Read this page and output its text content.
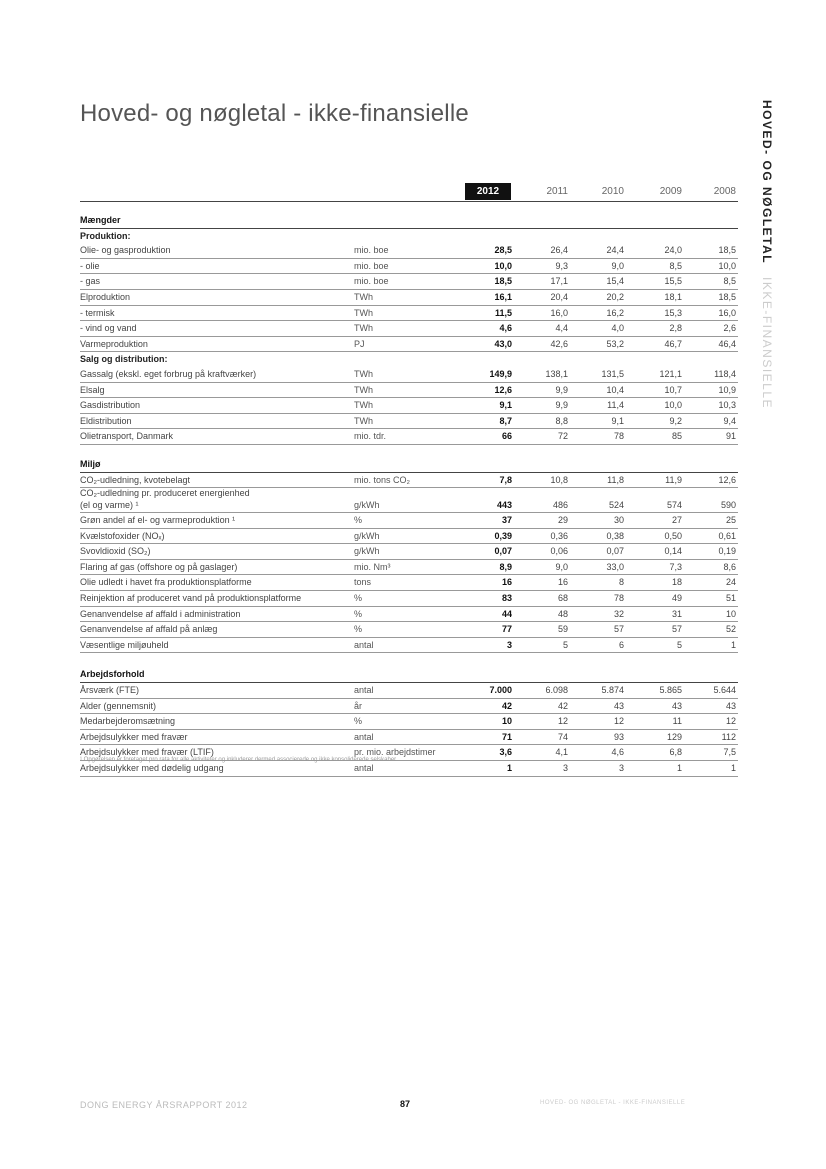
Hoved- og nøgletal - ikke-finansielle	HOVED- OG NØGLETAL IKKE-FINANSIELLE
2012	2011	2010	2009	2008
Mængder
Produktion:
Olie- og gasproduktion	mio. boe	28,5	26,4	24,4	24,0	18,5
- olie	mio. boe	10,0	9,3	9,0	8,5	10,0
- gas	mio. boe	18,5	17,1	15,4	15,5	8,5
Elproduktion	TWh	16,1	20,4	20,2	18,1	18,5
- termisk	TWh	11,5	16,0	16,2	15,3	16,0
- vind og vand	TWh	4,6	4,4	4,0	2,8	2,6
Varmeproduktion	PJ	43,0	42,6	53,2	46,7	46,4
Salg og distribution:
Gassalg (ekskl. eget forbrug på kraftværker)	TWh	149,9	138,1	131,5	121,1	118,4
Elsalg	TWh	12,6	9,9	10,4	10,7	10,9
Gasdistribution	TWh	9,1	9,9	11,4	10,0	10,3
Eldistribution	TWh	8,7	8,8	9,1	9,2	9,4
Olietransport, Danmark	mio. tdr.	66	72	78	85	91
Miljø
CO₂-udledning, kvotebelagt	mio. tons CO₂	7,8	10,8	11,8	11,9	12,6
CO₂-udledning pr. produceret energienhed
(el og varme) ¹	g/kWh	443	486	524	574	590
Grøn andel af el- og varmeproduktion ¹	%	37	29	30	27	25
Kvælstofoxider (NOₓ)	g/kWh	0,39	0,36	0,38	0,50	0,61
Svovldioxid (SO₂)	g/kWh	0,07	0,06	0,07	0,14	0,19
Flaring af gas (offshore og på gaslager)	mio. Nm³	8,9	9,0	33,0	7,3	8,6
Olie udledt i havet fra produktionsplatforme	tons	16	16	8	18	24
Reinjektion af produceret vand på produktionsplatforme	%	83	68	78	49	51
Genanvendelse af affald i administration	%	44	48	32	31	10
Genanvendelse af affald på anlæg	%	77	59	57	57	52
Væsentlige miljøuheld	antal	3	5	6	5	1
Arbejdsforhold
Årsværk (FTE)	antal	7.000	6.098	5.874	5.865	5.644
Alder (gennemsnit)	år	42	42	43	43	43
Medarbejderomsætning	%	10	12	12	11	12
Arbejdsulykker med fravær	antal	71	74	93	129	112
Arbejdsulykker med fravær (LTIF)	pr. mio. arbejdstimer	3,6	4,1	4,6	6,8	7,5
Arbejdsulykker med dødelig udgang	antal	1	3	3	1	1
¹ Opgørelsen er foretaget pro rata for alle aktiviteter og inkluderer dermed associerede og ikke konsoliderede selskaber
DONG ENERGY ÅRSRAPPORT 2012	87	HOVED- OG NØGLETAL - IKKE-FINANSIELLE
